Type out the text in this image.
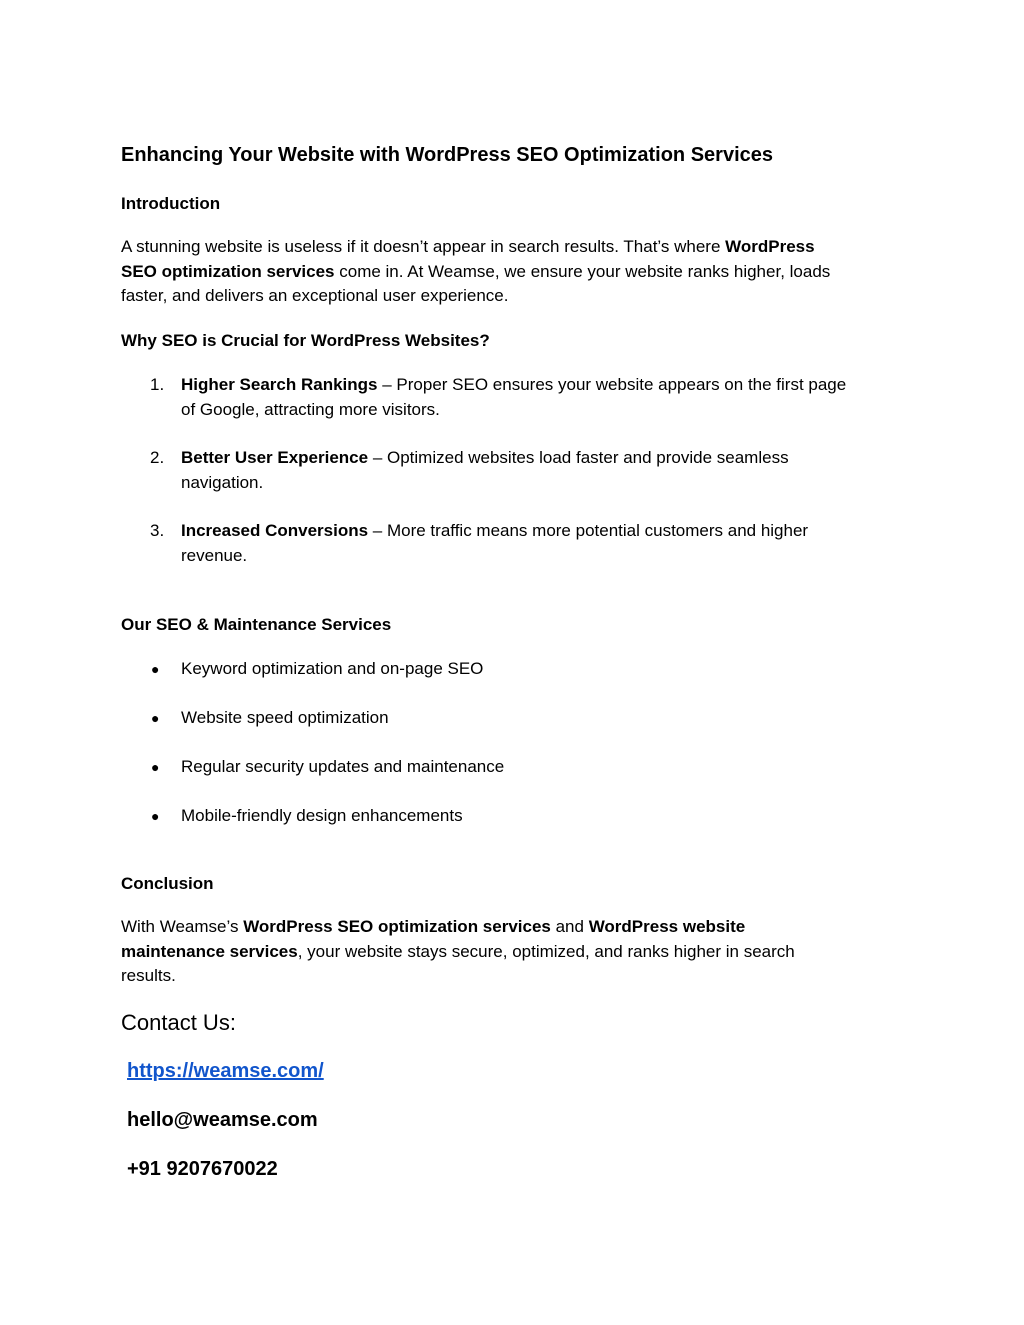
Enhancing Your Website with WordPress SEO Optimization Services
Introduction
A stunning website is useless if it doesn’t appear in search results. That’s where WordPress
SEO optimization services come in. At Weamse, we ensure your website ranks higher, loads
faster, and delivers an exceptional user experience.
Why SEO is Crucial for WordPress Websites?
1. Higher Search Rankings – Proper SEO ensures your website appears on the first page
of Google, attracting more visitors.
2. Better User Experience – Optimized websites load faster and provide seamless
navigation.
3. Increased Conversions – More traffic means more potential customers and higher
revenue.
Our SEO & Maintenance Services
● Keyword optimization and on-page SEO
● Website speed optimization
● Regular security updates and maintenance
● Mobile-friendly design enhancements
Conclusion
With Weamse’s WordPress SEO optimization services and WordPress website
maintenance services, your website stays secure, optimized, and ranks higher in search
results.
Contact Us:
https://weamse.com/
hello@weamse.com
+91 9207670022
